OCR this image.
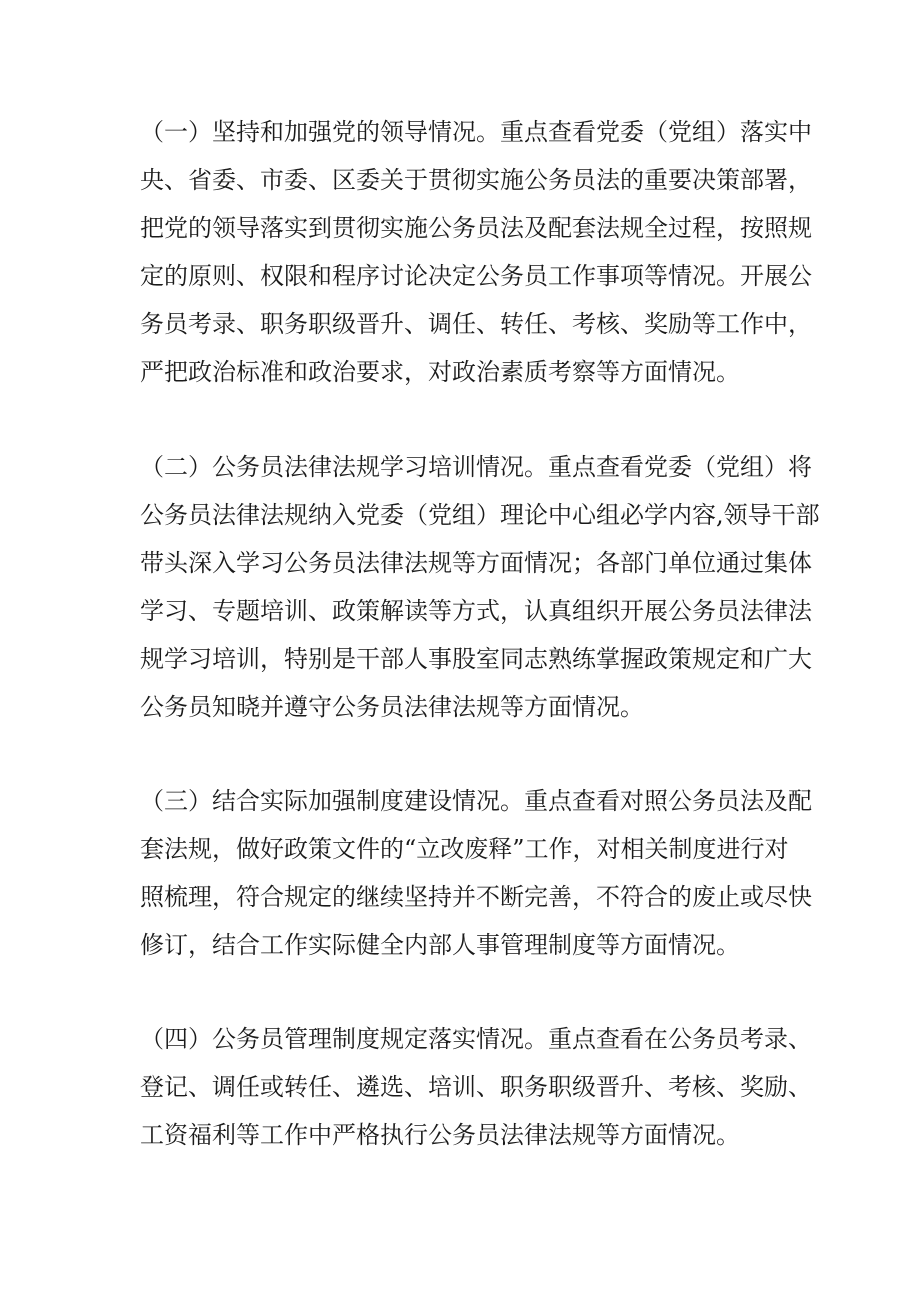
（一）坚持和加强党的领导情况。重点查看党委（党组）落实中
央、省委、市委、区委关于贯彻实施公务员法的重要决策部署，
把党的领导落实到贯彻实施公务员法及配套法规全过程，按照规
定的原则、权限和程序讨论决定公务员工作事项等情况。开展公
务员考录、职务职级晋升、调任、转任、考核、奖励等工作中，
严把政治标准和政治要求，对政治素质考察等方面情况。
（二）公务员法律法规学习培训情况。重点查看党委（党组）将
公务员法律法规纳入党委（党组）理论中心组必学内容,领导干部
带头深入学习公务员法律法规等方面情况；各部门单位通过集体
学习、专题培训、政策解读等方式，认真组织开展公务员法律法
规学习培训，特别是干部人事股室同志熟练掌握政策规定和广大
公务员知晓并遵守公务员法律法规等方面情况。
（三）结合实际加强制度建设情况。重点查看对照公务员法及配
套法规，做好政策文件的“立改废释”工作，对相关制度进行对
照梳理，符合规定的继续坚持并不断完善，不符合的废止或尽快
修订，结合工作实际健全内部人事管理制度等方面情况。
（四）公务员管理制度规定落实情况。重点查看在公务员考录、
登记、调任或转任、遴选、培训、职务职级晋升、考核、奖励、
工资福利等工作中严格执行公务员法律法规等方面情况。
